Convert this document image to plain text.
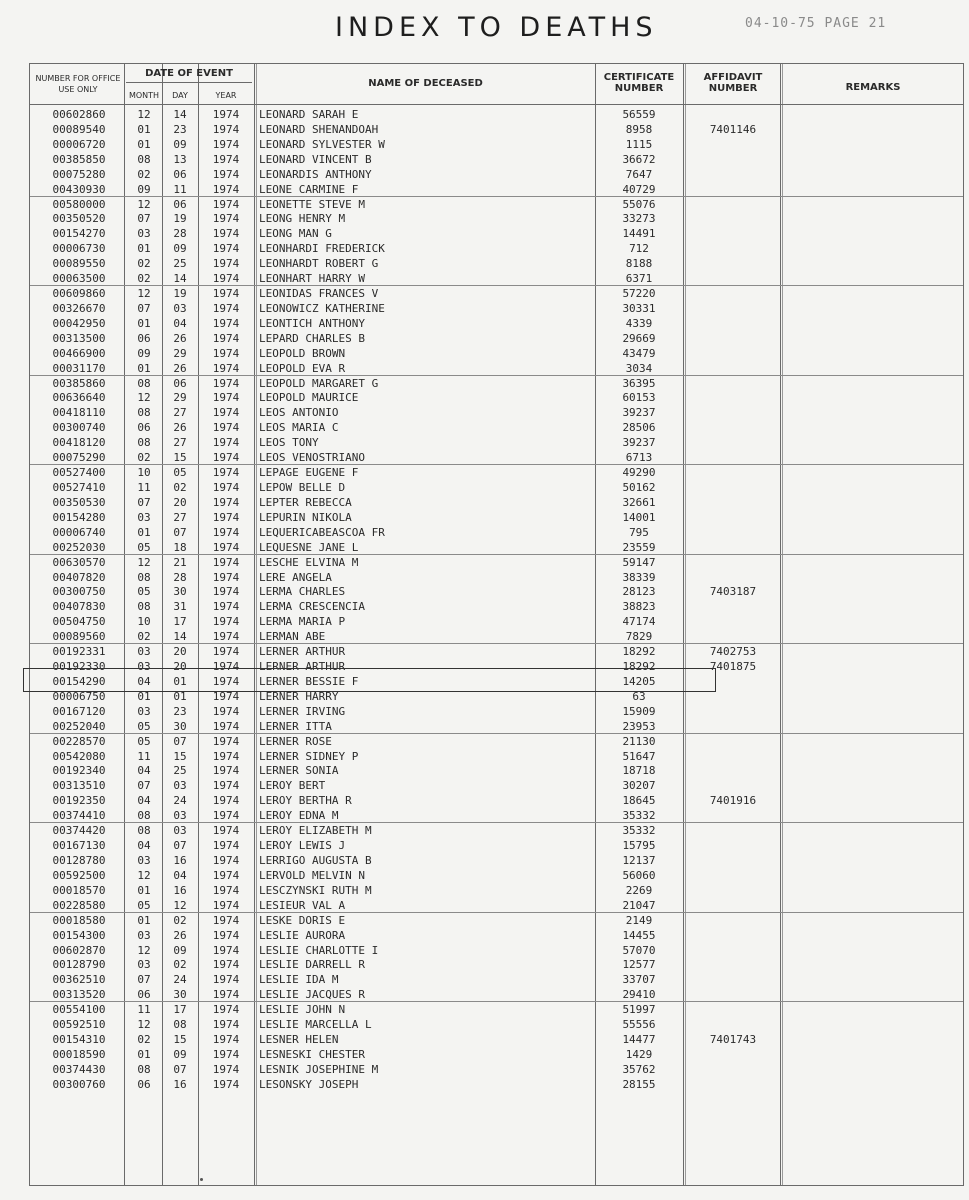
INDEX TO DEATHS	04-10-75 PAGE 21
NUMBER FOR OFFICE USE ONLY
DATE OF EVENT
MONTH	DAY	YEAR
NAME OF DECEASED
CERTIFICATE NUMBER
AFFIDAVIT NUMBER	REMARKS
00602860	12	14	1974	LEONARD SARAH E	56559
00089540	01	23	1974	LEONARD SHENANDOAH	8958	7401146
00006720	01	09	1974	LEONARD SYLVESTER W	1115
00385850	08	13	1974	LEONARD VINCENT B	36672
00075280	02	06	1974	LEONARDIS ANTHONY	7647
00430930	09	11	1974	LEONE CARMINE F	40729
00580000	12	06	1974	LEONETTE STEVE M	55076
00350520	07	19	1974	LEONG HENRY M	33273
00154270	03	28	1974	LEONG MAN G	14491
00006730	01	09	1974	LEONHARDI FREDERICK	712
00089550	02	25	1974	LEONHARDT ROBERT G	8188
00063500	02	14	1974	LEONHART HARRY W	6371
00609860	12	19	1974	LEONIDAS FRANCES V	57220
00326670	07	03	1974	LEONOWICZ KATHERINE	30331
00042950	01	04	1974	LEONTICH ANTHONY	4339
00313500	06	26	1974	LEPARD CHARLES B	29669
00466900	09	29	1974	LEOPOLD BROWN	43479
00031170	01	26	1974	LEOPOLD EVA R	3034
00385860	08	06	1974	LEOPOLD MARGARET G	36395
00636640	12	29	1974	LEOPOLD MAURICE	60153
00418110	08	27	1974	LEOS ANTONIO	39237
00300740	06	26	1974	LEOS MARIA C	28506
00418120	08	27	1974	LEOS TONY	39237
00075290	02	15	1974	LEOS VENOSTRIANO	6713
00527400	10	05	1974	LEPAGE EUGENE F	49290
00527410	11	02	1974	LEPOW BELLE D	50162
00350530	07	20	1974	LEPTER REBECCA	32661
00154280	03	27	1974	LEPURIN NIKOLA	14001
00006740	01	07	1974	LEQUERICABEASCOA FR	795
00252030	05	18	1974	LEQUESNE JANE L	23559
00630570	12	21	1974	LESCHE ELVINA M	59147
00407820	08	28	1974	LERE ANGELA	38339
00300750	05	30	1974	LERMA CHARLES	28123	7403187
00407830	08	31	1974	LERMA CRESCENCIA	38823
00504750	10	17	1974	LERMA MARIA P	47174
00089560	02	14	1974	LERMAN ABE	7829
00192331	03	20	1974	LERNER ARTHUR	18292	7402753
00192330	03	20	1974	LERNER ARTHUR	18292	7401875
00154290	04	01	1974	LERNER BESSIE F	14205
00006750	01	01	1974	LERNER HARRY	63
00167120	03	23	1974	LERNER IRVING	15909
00252040	05	30	1974	LERNER ITTA	23953
00228570	05	07	1974	LERNER ROSE	21130
00542080	11	15	1974	LERNER SIDNEY P	51647
00192340	04	25	1974	LERNER SONIA	18718
00313510	07	03	1974	LEROY BERT	30207
00192350	04	24	1974	LEROY BERTHA R	18645	7401916
00374410	08	03	1974	LEROY EDNA M	35332
00374420	08	03	1974	LEROY ELIZABETH M	35332
00167130	04	07	1974	LEROY LEWIS J	15795
00128780	03	16	1974	LERRIGO AUGUSTA B	12137
00592500	12	04	1974	LERVOLD MELVIN N	56060
00018570	01	16	1974	LESCZYNSKI RUTH M	2269
00228580	05	12	1974	LESIEUR VAL A	21047
00018580	01	02	1974	LESKE DORIS E	2149
00154300	03	26	1974	LESLIE AURORA	14455
00602870	12	09	1974	LESLIE CHARLOTTE I	57070
00128790	03	02	1974	LESLIE DARRELL R	12577
00362510	07	24	1974	LESLIE IDA M	33707
00313520	06	30	1974	LESLIE JACQUES R	29410
00554100	11	17	1974	LESLIE JOHN N	51997
00592510	12	08	1974	LESLIE MARCELLA L	55556
00154310	02	15	1974	LESNER HELEN	14477	7401743
00018590	01	09	1974	LESNESKI CHESTER	1429
00374430	08	07	1974	LESNIK JOSEPHINE M	35762
00300760	06	16	1974	LESONSKY JOSEPH	28155
